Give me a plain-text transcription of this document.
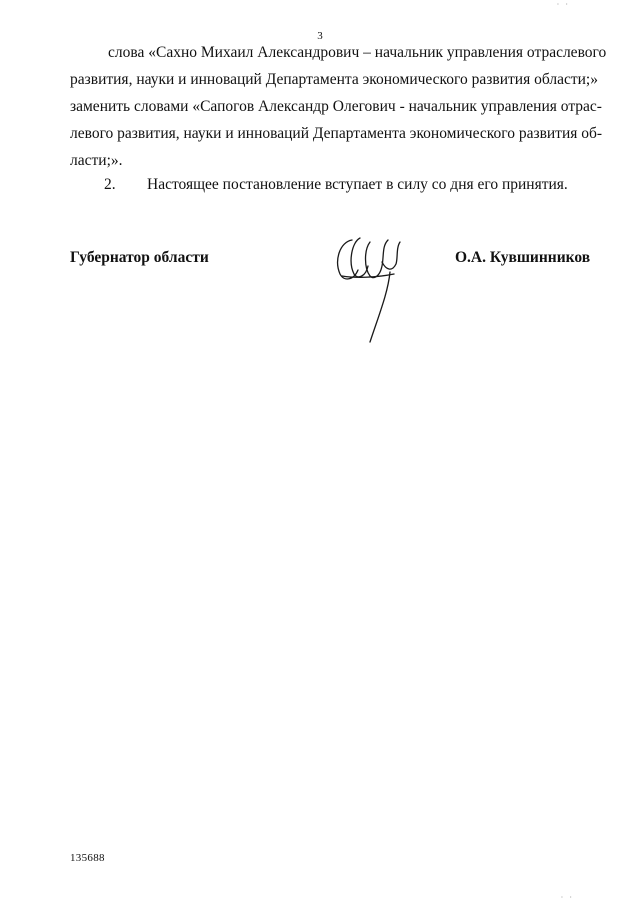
· ·
3
слова «Сахно Михаил Александрович – начальник управления отраслевого
развития, науки и инноваций Департамента экономического развития области;»
заменить словами «Сапогов Александр Олегович - начальник управления отрас-
левого развития, науки и инноваций Департамента экономического развития об-
ласти;».
2. Настоящее постановление вступает в силу со дня его принятия.
Губернатор области	О.А. Кувшинников
135688
· ·
